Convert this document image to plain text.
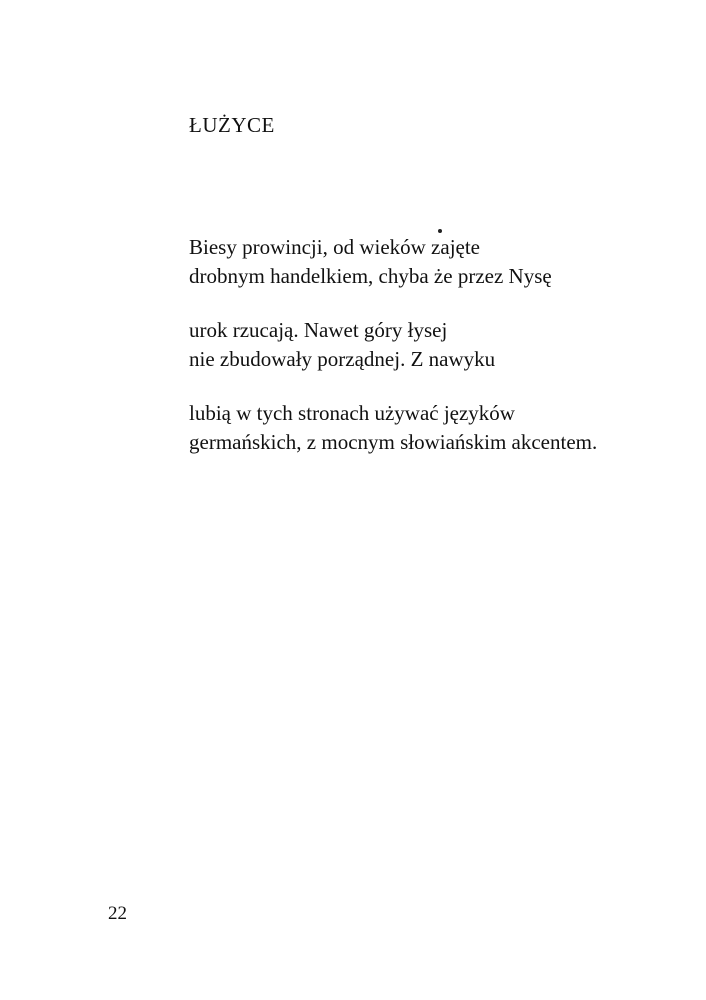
ŁUŻYCE
Biesy prowincji, od wieków zajęte
drobnym handelkiem, chyba że przez Nysę
urok rzucają. Nawet góry łysej
nie zbudowały porządnej. Z nawyku
lubią w tych stronach używać języków
germańskich, z mocnym słowiańskim akcentem.
22
